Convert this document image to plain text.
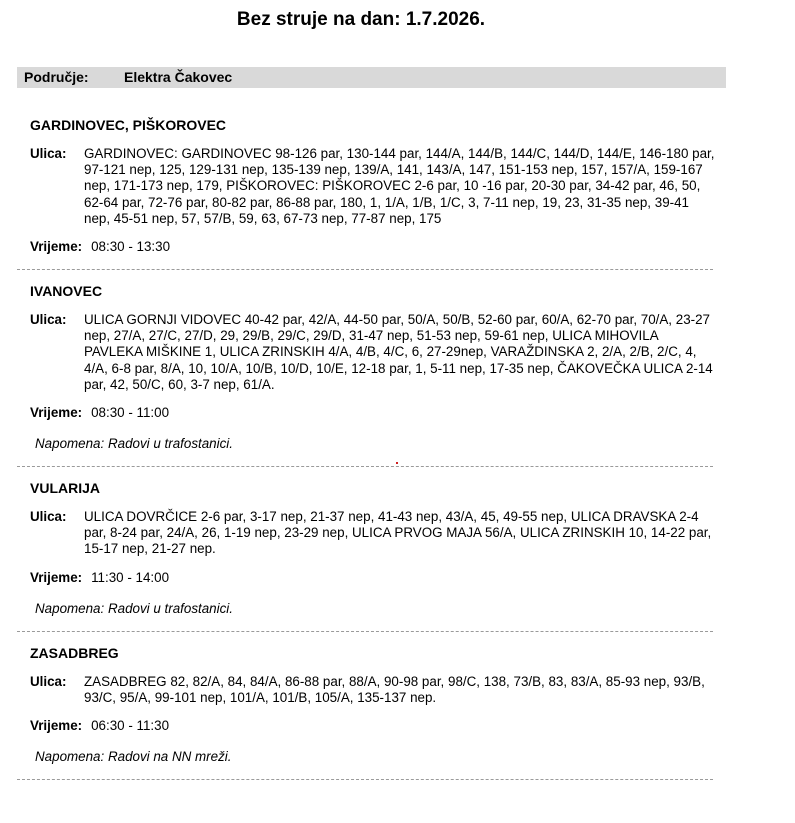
Bez struje na dan: 1.7.2026.
Područje:	Elektra Čakovec
GARDINOVEC, PIŠKOROVEC
Ulica:	GARDINOVEC: GARDINOVEC 98-126 par, 130-144 par, 144/A, 144/B, 144/C, 144/D, 144/E, 146-180 par, 97-121 nep, 125, 129-131 nep, 135-139 nep, 139/A, 141, 143/A, 147, 151-153 nep, 157, 157/A, 159-167 nep, 171-173 nep, 179, PIŠKOROVEC: PIŠKOROVEC 2-6 par, 10 -16 par, 20-30 par, 34-42 par, 46, 50, 62-64 par, 72-76 par, 80-82 par, 86-88 par, 180, 1, 1/A, 1/B, 1/C, 3, 7-11 nep, 19, 23, 31-35 nep, 39-41 nep, 45-51 nep, 57, 57/B, 59, 63, 67-73 nep, 77-87 nep, 175
Vrijeme: 08:30 - 13:30
IVANOVEC
Ulica:	ULICA GORNJI VIDOVEC 40-42 par, 42/A, 44-50 par, 50/A, 50/B, 52-60 par, 60/A, 62-70 par, 70/A, 23-27 nep, 27/A, 27/C, 27/D, 29, 29/B, 29/C, 29/D, 31-47 nep, 51-53 nep, 59-61 nep, ULICA MIHOVILA PAVLEKA MIŠKINE 1, ULICA ZRINSKIH 4/A, 4/B, 4/C, 6, 27-29nep, VARAŽDINSKA 2, 2/A, 2/B, 2/C, 4, 4/A, 6-8 par, 8/A, 10, 10/A, 10/B, 10/D, 10/E, 12-18 par, 1, 5-11 nep, 17-35 nep, ČAKOVEČKA ULICA 2-14 par, 42, 50/C, 60, 3-7 nep, 61/A.
Vrijeme: 08:30 - 11:00
Napomena: Radovi u trafostanici.
VULARIJA
Ulica:	ULICA DOVRČICE 2-6 par, 3-17 nep, 21-37 nep, 41-43 nep, 43/A, 45, 49-55 nep, ULICA DRAVSKA 2-4 par, 8-24 par, 24/A, 26, 1-19 nep, 23-29 nep, ULICA PRVOG MAJA 56/A, ULICA ZRINSKIH 10, 14-22 par, 15-17 nep, 21-27 nep.
Vrijeme: 11:30 - 14:00
Napomena: Radovi u trafostanici.
ZASADBREG
Ulica:	ZASADBREG 82, 82/A, 84, 84/A, 86-88 par, 88/A, 90-98 par, 98/C, 138, 73/B, 83, 83/A, 85-93 nep, 93/B, 93/C, 95/A, 99-101 nep, 101/A, 101/B, 105/A, 135-137 nep.
Vrijeme: 06:30 - 11:30
Napomena: Radovi na NN mreži.
